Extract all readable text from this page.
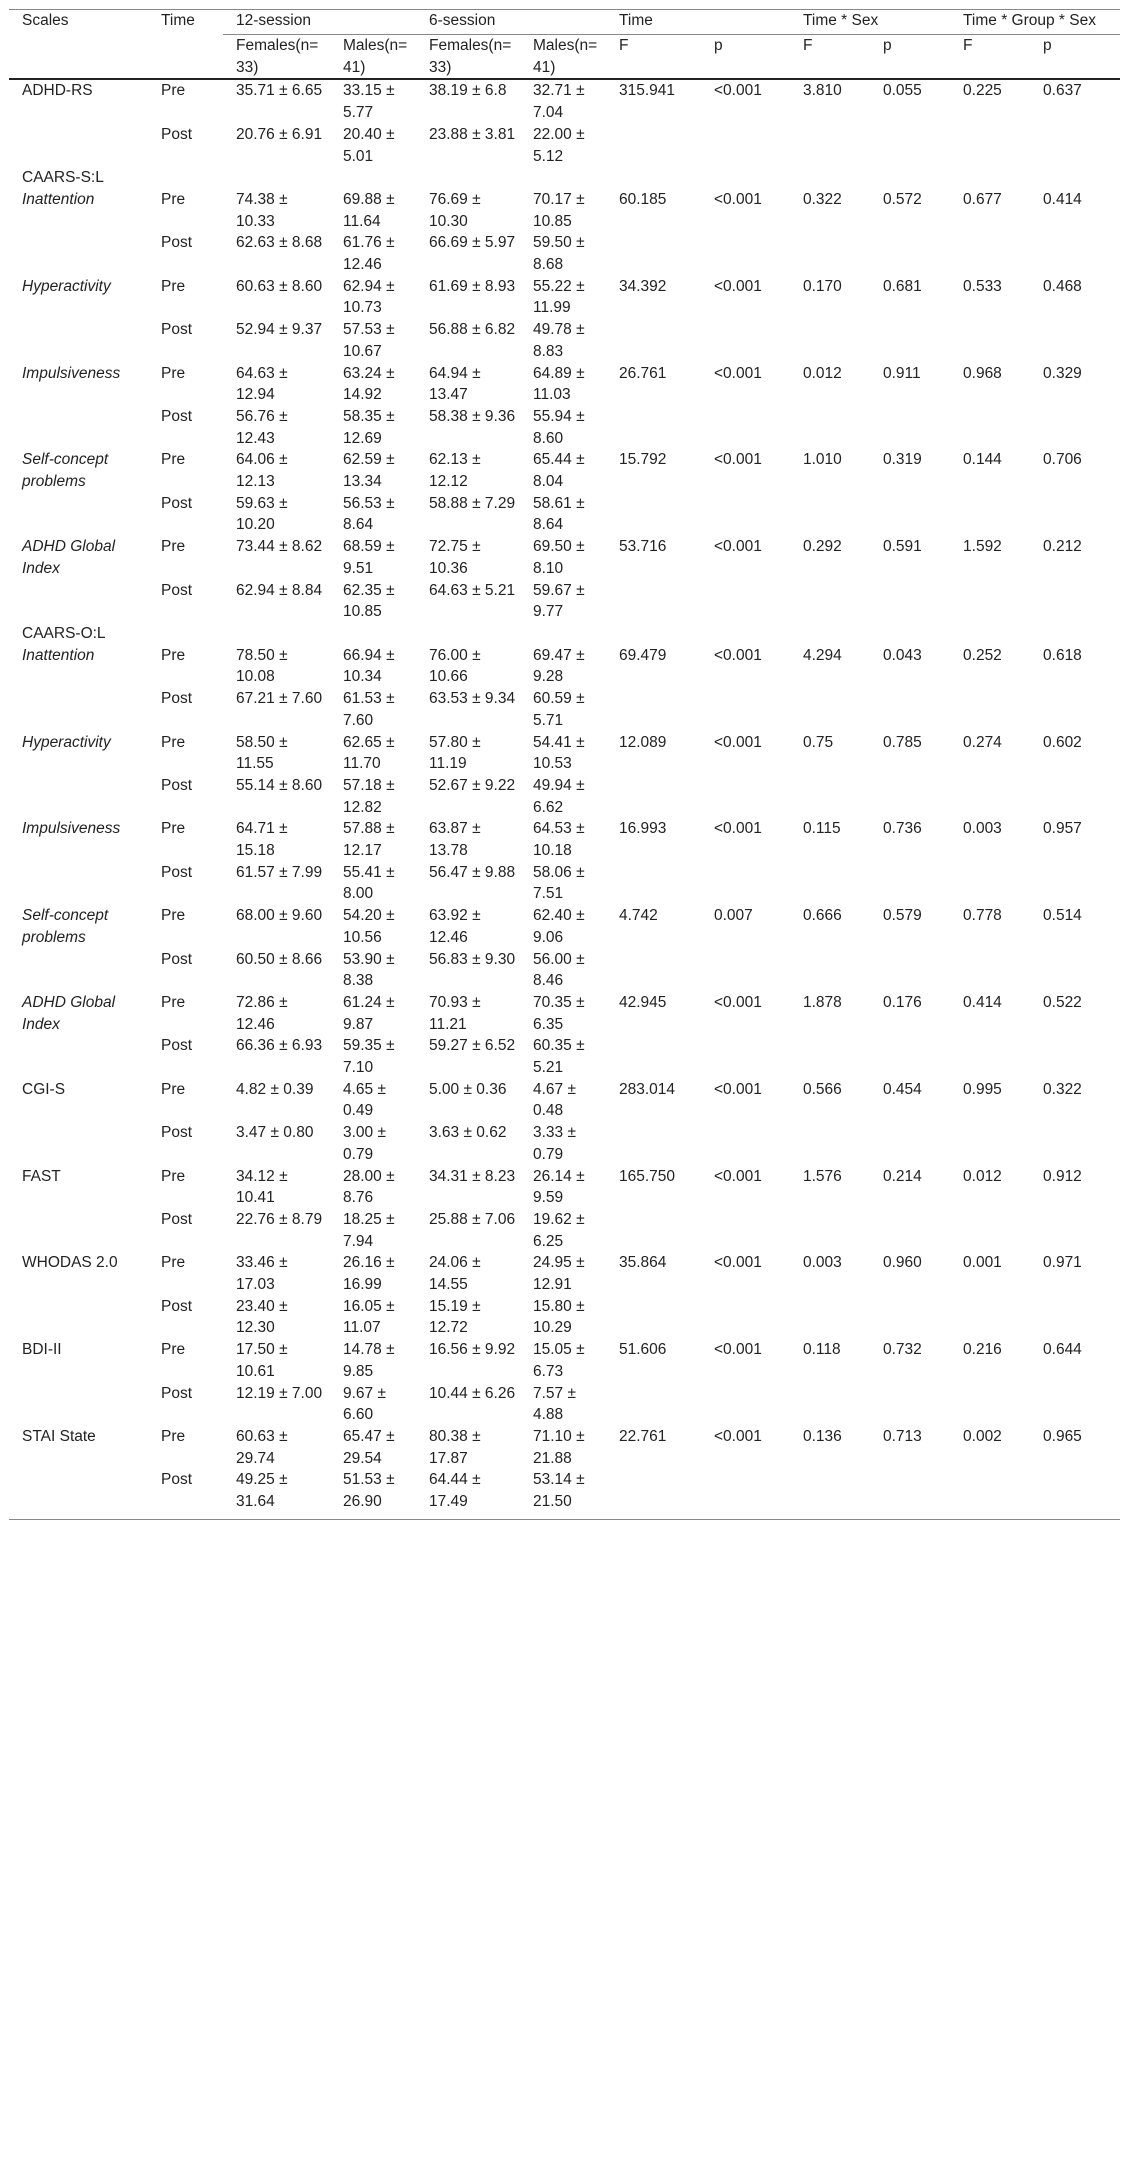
Scales	Time	12-session		6-session		Time		Time * Sex		Time * Group * Sex	
		Females(n= 33)	Males(n= 41)	Females(n= 33)	Males(n= 41)	F	p	F	p	F	p
ADHD-RS	Pre	35.71 ± 6.65	33.15 ± 5.77	38.19 ± 6.8	32.71 ± 7.04	315.941	<0.001	3.810	0.055	0.225	0.637
	Post	20.76 ± 6.91	20.40 ± 5.01	23.88 ± 3.81	22.00 ± 5.12						
CAARS-S:L											
Inattention	Pre	74.38 ± 10.33	69.88 ± 11.64	76.69 ± 10.30	70.17 ± 10.85	60.185	<0.001	0.322	0.572	0.677	0.414
	Post	62.63 ± 8.68	61.76 ± 12.46	66.69 ± 5.97	59.50 ± 8.68						
Hyperactivity	Pre	60.63 ± 8.60	62.94 ± 10.73	61.69 ± 8.93	55.22 ± 11.99	34.392	<0.001	0.170	0.681	0.533	0.468
	Post	52.94 ± 9.37	57.53 ± 10.67	56.88 ± 6.82	49.78 ± 8.83						
Impulsiveness	Pre	64.63 ± 12.94	63.24 ± 14.92	64.94 ± 13.47	64.89 ± 11.03	26.761	<0.001	0.012	0.911	0.968	0.329
	Post	56.76 ± 12.43	58.35 ± 12.69	58.38 ± 9.36	55.94 ± 8.60						
Self-concept problems	Pre	64.06 ± 12.13	62.59 ± 13.34	62.13 ± 12.12	65.44 ± 8.04	15.792	<0.001	1.010	0.319	0.144	0.706
	Post	59.63 ± 10.20	56.53 ± 8.64	58.88 ± 7.29	58.61 ± 8.64						
ADHD Global Index	Pre	73.44 ± 8.62	68.59 ± 9.51	72.75 ± 10.36	69.50 ± 8.10	53.716	<0.001	0.292	0.591	1.592	0.212
	Post	62.94 ± 8.84	62.35 ± 10.85	64.63 ± 5.21	59.67 ± 9.77						
CAARS-O:L											
Inattention	Pre	78.50 ± 10.08	66.94 ± 10.34	76.00 ± 10.66	69.47 ± 9.28	69.479	<0.001	4.294	0.043	0.252	0.618
	Post	67.21 ± 7.60	61.53 ± 7.60	63.53 ± 9.34	60.59 ± 5.71						
Hyperactivity	Pre	58.50 ± 11.55	62.65 ± 11.70	57.80 ± 11.19	54.41 ± 10.53	12.089	<0.001	0.75	0.785	0.274	0.602
	Post	55.14 ± 8.60	57.18 ± 12.82	52.67 ± 9.22	49.94 ± 6.62						
Impulsiveness	Pre	64.71 ± 15.18	57.88 ± 12.17	63.87 ± 13.78	64.53 ± 10.18	16.993	<0.001	0.115	0.736	0.003	0.957
	Post	61.57 ± 7.99	55.41 ± 8.00	56.47 ± 9.88	58.06 ± 7.51						
Self-concept problems	Pre	68.00 ± 9.60	54.20 ± 10.56	63.92 ± 12.46	62.40 ± 9.06	4.742	0.007	0.666	0.579	0.778	0.514
	Post	60.50 ± 8.66	53.90 ± 8.38	56.83 ± 9.30	56.00 ± 8.46						
ADHD Global Index	Pre	72.86 ± 12.46	61.24 ± 9.87	70.93 ± 11.21	70.35 ± 6.35	42.945	<0.001	1.878	0.176	0.414	0.522
	Post	66.36 ± 6.93	59.35 ± 7.10	59.27 ± 6.52	60.35 ± 5.21						
CGI-S	Pre	4.82 ± 0.39	4.65 ± 0.49	5.00 ± 0.36	4.67 ± 0.48	283.014	<0.001	0.566	0.454	0.995	0.322
	Post	3.47 ± 0.80	3.00 ± 0.79	3.63 ± 0.62	3.33 ± 0.79						
FAST	Pre	34.12 ± 10.41	28.00 ± 8.76	34.31 ± 8.23	26.14 ± 9.59	165.750	<0.001	1.576	0.214	0.012	0.912
	Post	22.76 ± 8.79	18.25 ± 7.94	25.88 ± 7.06	19.62 ± 6.25						
WHODAS 2.0	Pre	33.46 ± 17.03	26.16 ± 16.99	24.06 ± 14.55	24.95 ± 12.91	35.864	<0.001	0.003	0.960	0.001	0.971
	Post	23.40 ± 12.30	16.05 ± 11.07	15.19 ± 12.72	15.80 ± 10.29						
BDI-II	Pre	17.50 ± 10.61	14.78 ± 9.85	16.56 ± 9.92	15.05 ± 6.73	51.606	<0.001	0.118	0.732	0.216	0.644
	Post	12.19 ± 7.00	9.67 ± 6.60	10.44 ± 6.26	7.57 ± 4.88						
STAI State	Pre	60.63 ± 29.74	65.47 ± 29.54	80.38 ± 17.87	71.10 ± 21.88	22.761	<0.001	0.136	0.713	0.002	0.965
	Post	49.25 ± 31.64	51.53 ± 26.90	64.44 ± 17.49	53.14 ± 21.50						
